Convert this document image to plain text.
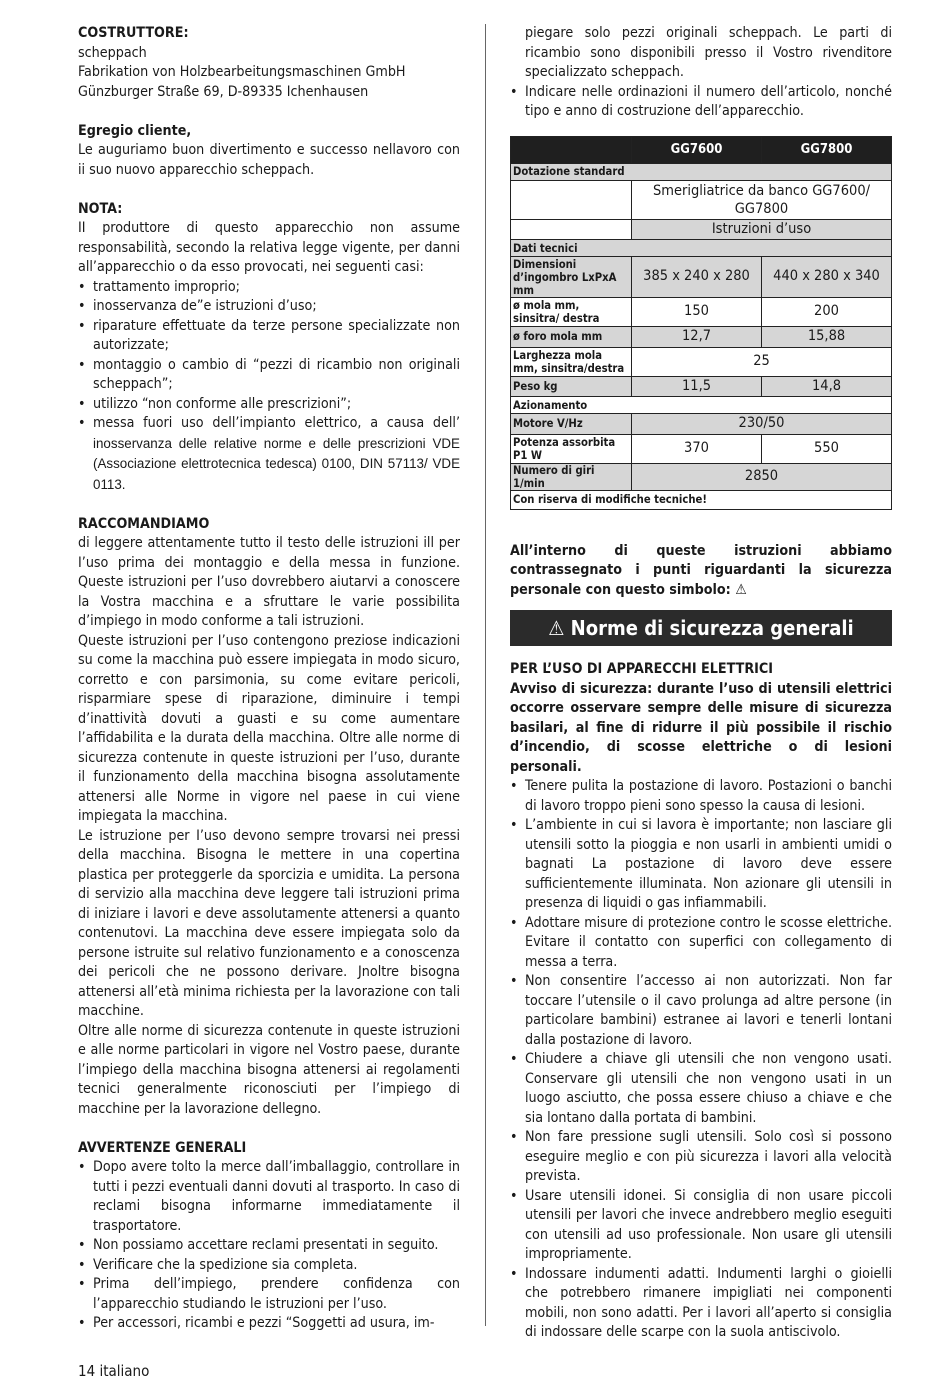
COSTRUTTORE:
scheppach
Fabrikation von Holzbearbeitungsmaschinen GmbH
Günzburger Straße 69, D-89335 Ichenhausen
Egregio cliente,

Le auguriamo buon divertimento e successo nellavoro con ii suo nuovo apparecchio scheppach.

NOTA:

II produttore di questo apparecchio non assume responsabilità, secondo la relativa legge vigente, per danni all’apparecchio o da esso provocati, nei seguenti casi:

• trattamento improprio;
• inosservanza de”e istruzioni d’uso;
• riparature effettuate da terze persone specializzate non autorizzate;
• montaggio o cambio di “pezzi di ricambio non originali scheppach”;
• utilizzo “non conforme alle prescrizioni”;
• messa fuori uso dell’impianto elettrico, a causa dell’ inosservanza delle relative norme e delle prescrizioni VDE (Associazione elettrotecnica tedesca) 0100, DIN 57113/ VDE 0113.
RACCOMANDIAMO

di leggere attentamente tutto il testo delle istruzioni ill per I’uso prima dei montaggio e della messa in funzione. Queste istruzioni per I’uso dovrebbero aiutarvi a conoscere la Vostra macchina e a sfruttare le varie possibilita d’impiego in modo conforme a tali istruzioni.

Queste istruzioni per I’uso contengono preziose indicazioni su come la macchina può essere impiegata in modo sicuro, corretto e con parsimonia, su come evitare pericoli, risparmiare spese di riparazione, diminuire i tempi d’inattività dovuti a guasti e su come aumentare l’affidabilita e la durata della macchina. Oltre alle norme di sicurezza contenute in queste istruzioni per l’uso, durante il funzionamento della macchina bisogna assolutamente attenersi alle Norme in vigore nel paese in cui viene impiegata la macchina.

Le istruzione per I’uso devono sempre trovarsi nei pressi della macchina. Bisogna le mettere in una copertina plastica per proteggerle da sporcizia e umidita. La persona di servizio alla macchina deve leggere tali istruzioni prima di iniziare i lavori e deve assolutamente attenersi a quanto contenutovi. La macchina deve essere impiegata solo da persone istruite sul relativo funzionamento e a conoscenza dei pericoli che ne possono derivare. Jnoltre bisogna attenersi all’età minima richiesta per la lavorazione con tali macchine.

Oltre alle norme di sicurezza contenute in queste istruzioni e alle norme particolari in vigore nel Vostro paese, durante l’impiego della macchina bisogna attenersi ai regolamenti tecnici generalmente riconosciuti per l’impiego di macchine per la lavorazione dellegno.

AVVERTENZE GENERALI
• Dopo avere tolto la merce dall’imballaggio, controllare in tutti i pezzi eventuali danni dovuti al trasporto. In caso di reclami bisogna informarne immediatamente il trasportatore.
• Non possiamo accettare reclami presentati in seguito.
• Verificare che la spedizione sia completa.
• Prima dell’impiego, prendere confidenza con l’apparecchio studiando le istruzioni per l’uso.
• Per accessori, ricambi e pezzi “Soggetti ad usura, im-

piegare solo pezzi originali scheppach. Le parti di ricambio sono disponibili presso il Vostro rivenditore specializzato scheppach.

• Indicare nelle ordinazioni il numero dell’articolo, nonché tipo e anno di costruzione dell’apparecchio.
	GG7600	GG7800
Dotazione standard		
	Smerigliatrice da banco GG7600/ GG7800	
	Istruzioni d’uso	
Dati tecnici		
Dimensioni d’ingombro LxPxA mm	385 x 240 x 280	440 x 280 x 340
ø mola mm, sinsitra/ destra	150	200
ø foro mola mm	12,7	15,88
Larghezza mola mm, sinsitra/destra	25	
Peso kg	11,5	14,8
Azionamento		
Motore V/Hz	230/50	
Potenza assorbita P1 W	370	550
Numero di giri 1/min	2850	
Con riserva di modifiche tecniche!		

All’interno di queste istruzioni abbiamo contrassegnato i punti riguardanti la sicurezza personale con questo simbolo: ⚠

⚠ Norme di sicurezza generali
PER L’USO DI APPARECCHI ELETTRICI

Avviso di sicurezza: durante l’uso di utensili elettrici occorre osservare sempre delle misure di sicurezza basilari, al fine di ridurre il più possibile il rischio d’incendio, di scosse elettriche o di lesioni personali.

• Tenere pulita la postazione di lavoro. Postazioni o banchi di lavoro troppo pieni sono spesso la causa di lesioni.
• L’ambiente in cui si lavora è importante; non lasciare gli utensili sotto la pioggia e non usarli in ambienti umidi o bagnati La postazione di lavoro deve essere sufficientemente illuminata. Non azionare gli utensili in presenza di liquidi o gas infiammabili.
• Adottare misure di protezione contro le scosse elettriche. Evitare il contatto con superfici con collegamento di messa a terra.
• Non consentire l’accesso ai non autorizzati. Non far toccare l’utensile o il cavo prolunga ad altre persone (in particolare bambini) estranee ai lavori e tenerli lontani dalla postazione di lavoro.
• Chiudere a chiave gli utensili che non vengono usati. Conservare gli utensili che non vengono usati in un luogo asciutto, che possa essere chiuso a chiave e che sia lontano dalla portata di bambini.
• Non fare pressione sugli utensili. Solo così si possono eseguire meglio e con più sicurezza i lavori alla velocità prevista.
• Usare utensili idonei. Si consiglia di non usare piccoli utensili per lavori che invece andrebbero meglio eseguiti con utensili ad uso professionale. Non usare gli utensili impropriamente.
• Indossare indumenti adatti. Indumenti larghi o gioielli che potrebbero rimanere impigliati nei componenti mobili, non sono adatti. Per i lavori all’aperto si consiglia di indossare delle scarpe con la suola antiscivolo.
14 italiano
